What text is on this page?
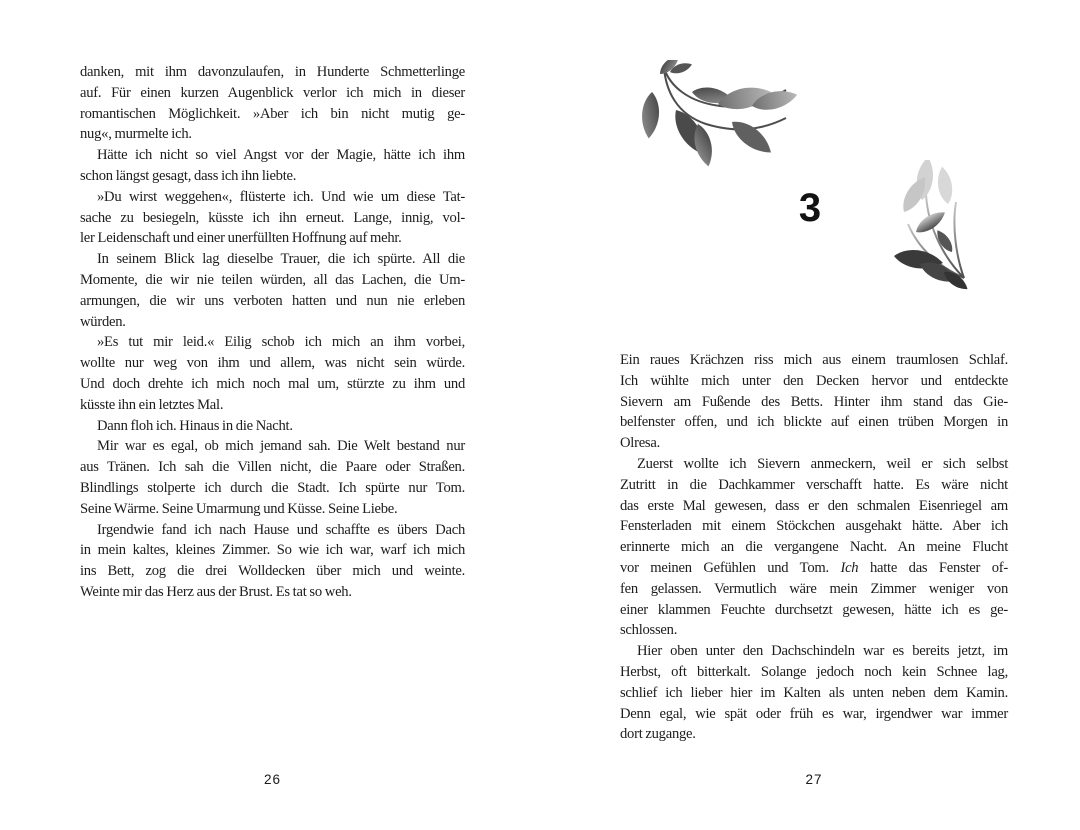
danken, mit ihm davonzulaufen, in Hunderte Schmetterlinge
auf. Für einen kurzen Augenblick verlor ich mich in dieser
romantischen Möglichkeit. »Aber ich bin nicht mutig ge-
nug«, murmelte ich.
Hätte ich nicht so viel Angst vor der Magie, hätte ich ihm
schon längst gesagt, dass ich ihn liebte.
»Du wirst weggehen«, flüsterte ich. Und wie um diese Tat-
sache zu besiegeln, küsste ich ihn erneut. Lange, innig, vol-
ler Leidenschaft und einer unerfüllten Hoffnung auf mehr.
In seinem Blick lag dieselbe Trauer, die ich spürte. All die
Momente, die wir nie teilen würden, all das Lachen, die Um-
armungen, die wir uns verboten hatten und nun nie erleben
würden.
»Es tut mir leid.« Eilig schob ich mich an ihm vorbei,
wollte nur weg von ihm und allem, was nicht sein würde.
Und doch drehte ich mich noch mal um, stürzte zu ihm und
küsste ihn ein letztes Mal.
Dann floh ich. Hinaus in die Nacht.
Mir war es egal, ob mich jemand sah. Die Welt bestand nur
aus Tränen. Ich sah die Villen nicht, die Paare oder Straßen.
Blindlings stolperte ich durch die Stadt. Ich spürte nur Tom.
Seine Wärme. Seine Umarmung und Küsse. Seine Liebe.
Irgendwie fand ich nach Hause und schaffte es übers Dach
in mein kaltes, kleines Zimmer. So wie ich war, warf ich mich
ins Bett, zog die drei Wolldecken über mich und weinte.
Weinte mir das Herz aus der Brust. Es tat so weh.
26
3
Ein raues Krächzen riss mich aus einem traumlosen Schlaf.
Ich wühlte mich unter den Decken hervor und entdeckte
Sievern am Fußende des Betts. Hinter ihm stand das Gie-
belfenster offen, und ich blickte auf einen trüben Morgen in
Olresa.
Zuerst wollte ich Sievern anmeckern, weil er sich selbst
Zutritt in die Dachkammer verschafft hatte. Es wäre nicht
das erste Mal gewesen, dass er den schmalen Eisenriegel am
Fensterladen mit einem Stöckchen ausgehakt hätte. Aber ich
erinnerte mich an die vergangene Nacht. An meine Flucht
vor meinen Gefühlen und Tom. Ich hatte das Fenster of-
fen gelassen. Vermutlich wäre mein Zimmer weniger von
einer klammen Feuchte durchsetzt gewesen, hätte ich es ge-
schlossen.
Hier oben unter den Dachschindeln war es bereits jetzt, im
Herbst, oft bitterkalt. Solange jedoch noch kein Schnee lag,
schlief ich lieber hier im Kalten als unten neben dem Kamin.
Denn egal, wie spät oder früh es war, irgendwer war immer
dort zugange.
27
